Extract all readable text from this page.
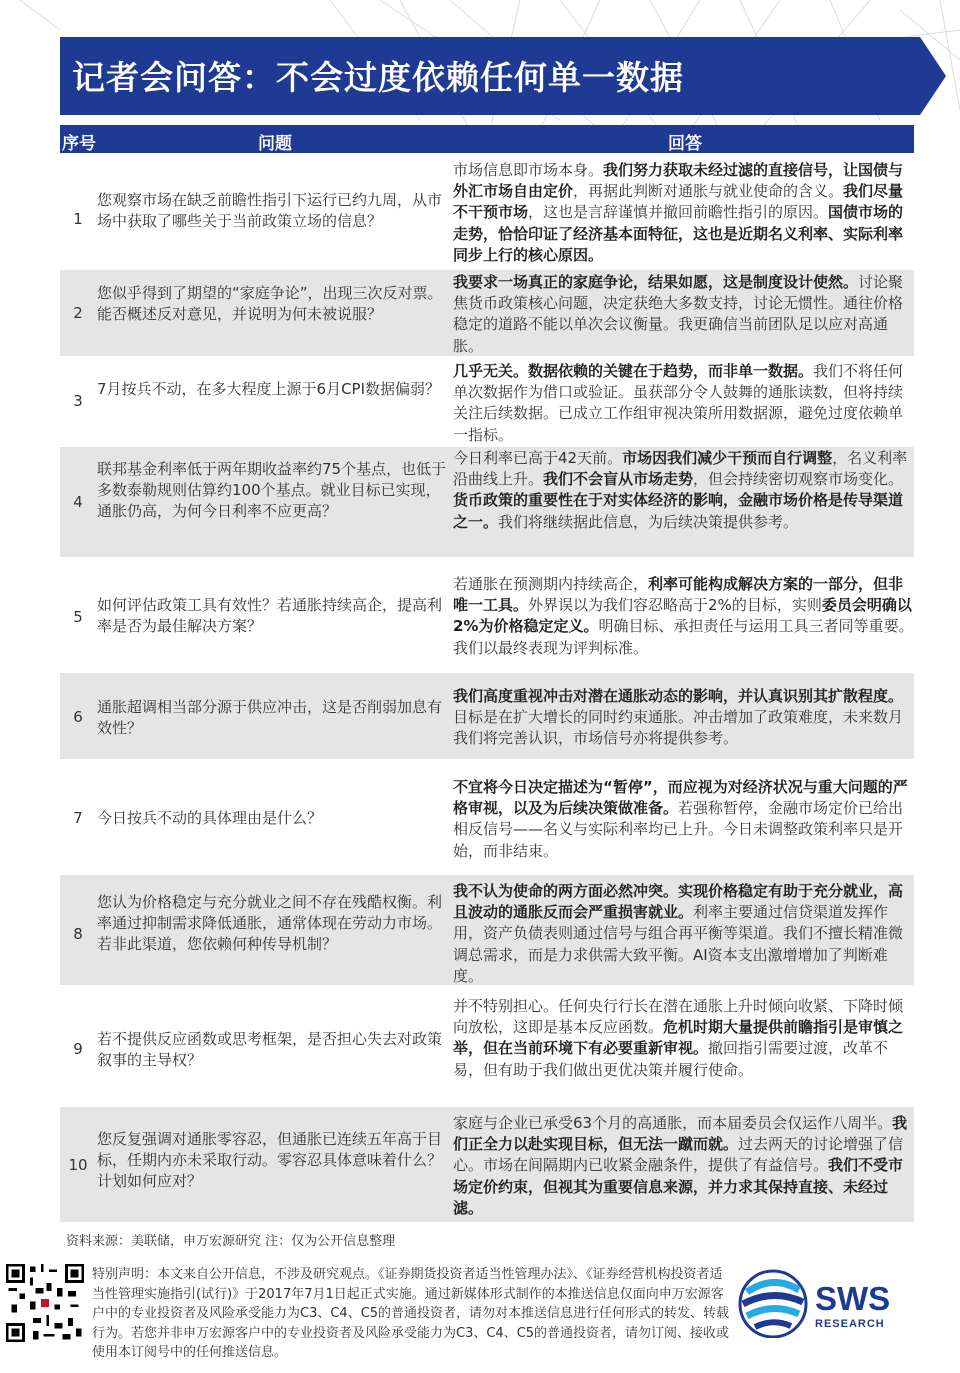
记者会问答：不会过度依赖任何单一数据
序号	问题	回答
1
您观察市场在缺乏前瞻性指引下运行已约九周，从市场中获取了哪些关于当前政策立场的信息？
市场信息即市场本身。我们努力获取未经过滤的直接信号，让国债与外汇市场自由定价，再据此判断对通胀与就业使命的含义。我们尽量不干预市场，这也是言辞谨慎并撤回前瞻性指引的原因。国债市场的走势，恰恰印证了经济基本面特征，这也是近期名义利率、实际利率同步上行的核心原因。
2
您似乎得到了期望的“家庭争论”，出现三次反对票。能否概述反对意见，并说明为何未被说服？
我要求一场真正的家庭争论，结果如愿，这是制度设计使然。讨论聚焦货币政策核心问题，决定获绝大多数支持，讨论无惯性。通往价格稳定的道路不能以单次会议衡量。我更确信当前团队足以应对高通胀。
3
7月按兵不动，在多大程度上源于6月CPI数据偏弱？
几乎无关。数据依赖的关键在于趋势，而非单一数据。我们不将任何单次数据作为借口或验证。虽获部分令人鼓舞的通胀读数，但将持续关注后续数据。已成立工作组审视决策所用数据源，避免过度依赖单一指标。
4
联邦基金利率低于两年期收益率约75个基点，也低于多数泰勒规则估算约100个基点。就业目标已实现，通胀仍高，为何今日利率不应更高？
今日利率已高于42天前。市场因我们减少干预而自行调整，名义利率沿曲线上升。我们不会盲从市场走势，但会持续密切观察市场变化。货币政策的重要性在于对实体经济的影响，金融市场价格是传导渠道之一。我们将继续据此信息，为后续决策提供参考。
5
如何评估政策工具有效性？若通胀持续高企，提高利率是否为最佳解决方案？
若通胀在预测期内持续高企，利率可能构成解决方案的一部分，但非唯一工具。外界误以为我们容忍略高于2%的目标，实则委员会明确以2%为价格稳定定义。明确目标、承担责任与运用工具三者同等重要。我们以最终表现为评判标准。
6
通胀超调相当部分源于供应冲击，这是否削弱加息有效性？
我们高度重视冲击对潜在通胀动态的影响，并认真识别其扩散程度。目标是在扩大增长的同时约束通胀。冲击增加了政策难度，未来数月我们将完善认识，市场信号亦将提供参考。
7 今日按兵不动的具体理由是什么？
不宜将今日决定描述为“暂停”，而应视为对经济状况与重大问题的严格审视，以及为后续决策做准备。若强称暂停，金融市场定价已给出相反信号——名义与实际利率均已上升。今日未调整政策利率只是开始，而非结束。
8
您认为价格稳定与充分就业之间不存在残酷权衡。利率通过抑制需求降低通胀，通常体现在劳动力市场。若非此渠道，您依赖何种传导机制？
我不认为使命的两方面必然冲突。实现价格稳定有助于充分就业，高且波动的通胀反而会严重损害就业。利率主要通过信贷渠道发挥作用，资产负债表则通过信号与组合再平衡等渠道。我们不擅长精准微调总需求，而是力求供需大致平衡。AI资本支出激增增加了判断难度。
9
若不提供反应函数或思考框架，是否担心失去对政策叙事的主导权？
并不特别担心。任何央行行长在潜在通胀上升时倾向收紧、下降时倾向放松，这即是基本反应函数。危机时期大量提供前瞻指引是审慎之举，但在当前环境下有必要重新审视。撤回指引需要过渡，改革不易，但有助于我们做出更优决策并履行使命。
10
您反复强调对通胀零容忍，但通胀已连续五年高于目标，任期内亦未采取行动。零容忍具体意味着什么？计划如何应对？
家庭与企业已承受63个月的高通胀，而本届委员会仅运作八周半。我们正全力以赴实现目标，但无法一蹴而就。过去两天的讨论增强了信心。市场在间隔期内已收紧金融条件，提供了有益信号。我们不受市场定价约束，但视其为重要信息来源，并力求其保持直接、未经过滤。
资料来源：美联储，申万宏源研究 注：仅为公开信息整理
特别声明：本文来自公开信息，不涉及研究观点。《证券期货投资者适当性管理办法》、《证券经营机构投资者适当性管理实施指引(试行)》于2017年7月1日起正式实施。通过新媒体形式制作的本推送信息仅面向申万宏源客户中的专业投资者及风险承受能力为C3、C4、C5的普通投资者，请勿对本推送信息进行任何形式的转发、转载行为。若您并非申万宏源客户中的专业投资者及风险承受能力为C3、C4、C5的普通投资者，请勿订阅、接收或使用本订阅号中的任何推送信息。
SWS
RESEARCH
